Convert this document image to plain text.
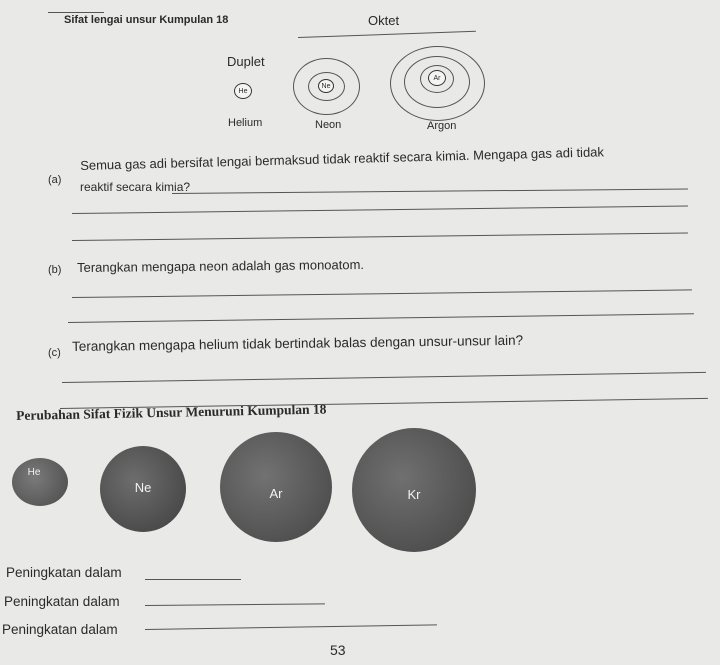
Sifat lengai unsur Kumpulan 18	Oktet
Duplet
He
Helium
Ne
Neon
Ar
Argon
(a)
Semua gas adi bersifat lengai bermaksud tidak reaktif secara kimia. Mengapa gas adi tidak
reaktif secara kimia?
(b) Terangkan mengapa neon adalah gas monoatom.
(c) Terangkan mengapa helium tidak bertindak balas dengan unsur-unsur lain?
Perubahan Sifat Fizik Unsur Menuruni Kumpulan 18
He
Ne	Ar	Kr
Peningkatan dalam
Peningkatan dalam
Peningkatan dalam
53
